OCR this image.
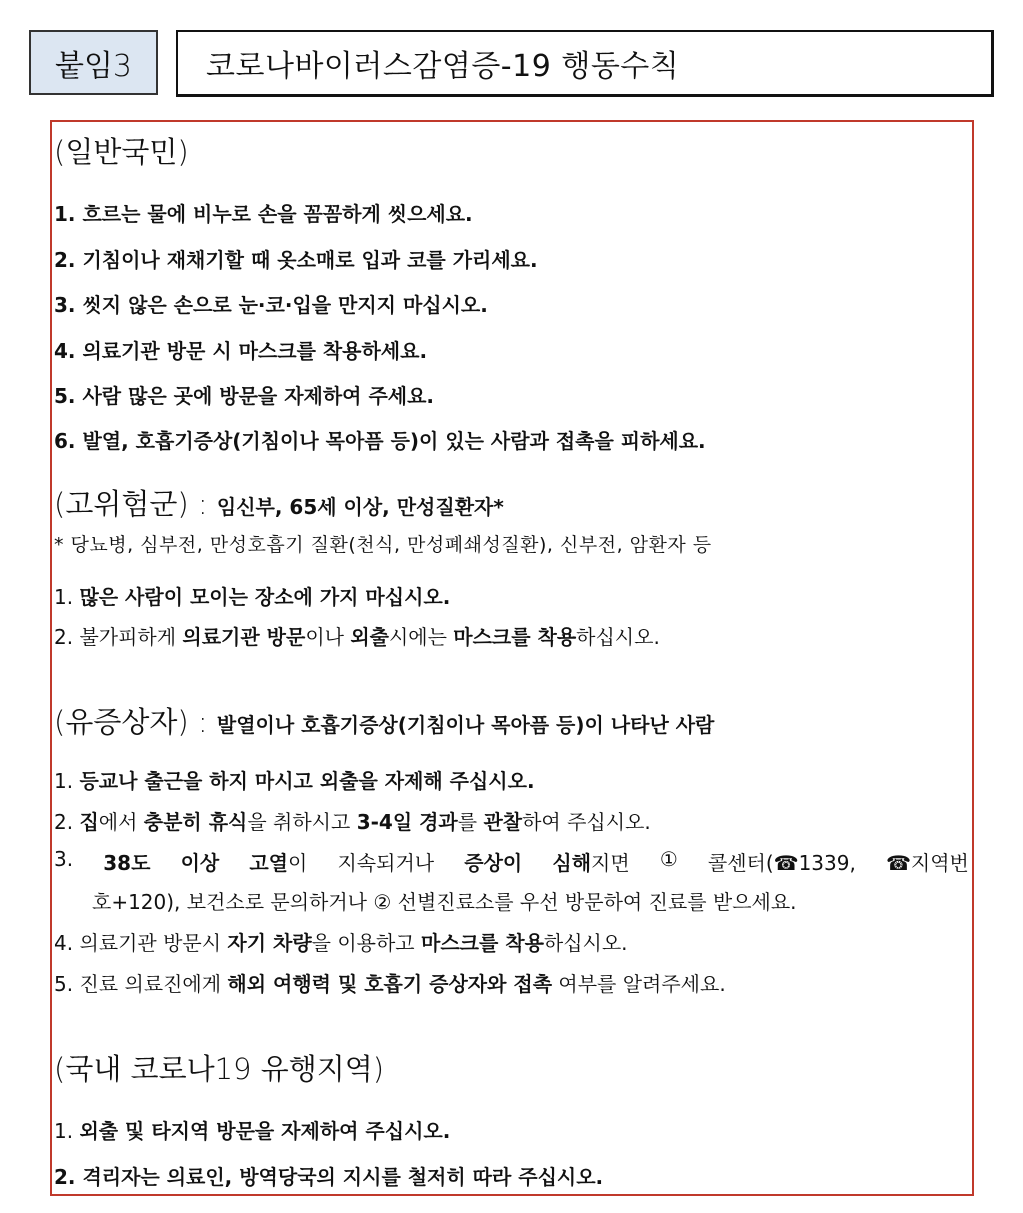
붙임3	코로나바이러스감염증-19 행동수칙
(일반국민)
1. 흐르는 물에 비누로 손을 꼼꼼하게 씻으세요.
2. 기침이나 재채기할 때 옷소매로 입과 코를 가리세요.
3. 씻지 않은 손으로 눈·코·입을 만지지 마십시오.
4. 의료기관 방문 시 마스크를 착용하세요.
5. 사람 많은 곳에 방문을 자제하여 주세요.
6. 발열, 호흡기증상(기침이나 목아픔 등)이 있는 사람과 접촉을 피하세요.
(고위험군) : 임신부, 65세 이상, 만성질환자*
* 당뇨병, 심부전, 만성호흡기 질환(천식, 만성폐쇄성질환), 신부전, 암환자 등
1. 많은 사람이 모이는 장소에 가지 마십시오.
2. 불가피하게 의료기관 방문이나 외출시에는 마스크를 착용하십시오.
(유증상자) : 발열이나 호흡기증상(기침이나 목아픔 등)이 나타난 사람
1. 등교나 출근을 하지 마시고 외출을 자제해 주십시오.
2. 집에서 충분히 휴식을 취하시고 3-4일 경과를 관찰하여 주십시오.
3. 38도 이상 고열이 지속되거나 증상이 심해지면 ① 콜센터(☎1339, ☎지역번
호+120), 보건소로 문의하거나 ② 선별진료소를 우선 방문하여 진료를 받으세요.
4. 의료기관 방문시 자기 차량을 이용하고 마스크를 착용하십시오.
5. 진료 의료진에게 해외 여행력 및 호흡기 증상자와 접촉 여부를 알려주세요.
(국내 코로나19 유행지역)
1. 외출 및 타지역 방문을 자제하여 주십시오.
2. 격리자는 의료인, 방역당국의 지시를 철저히 따라 주십시오.
